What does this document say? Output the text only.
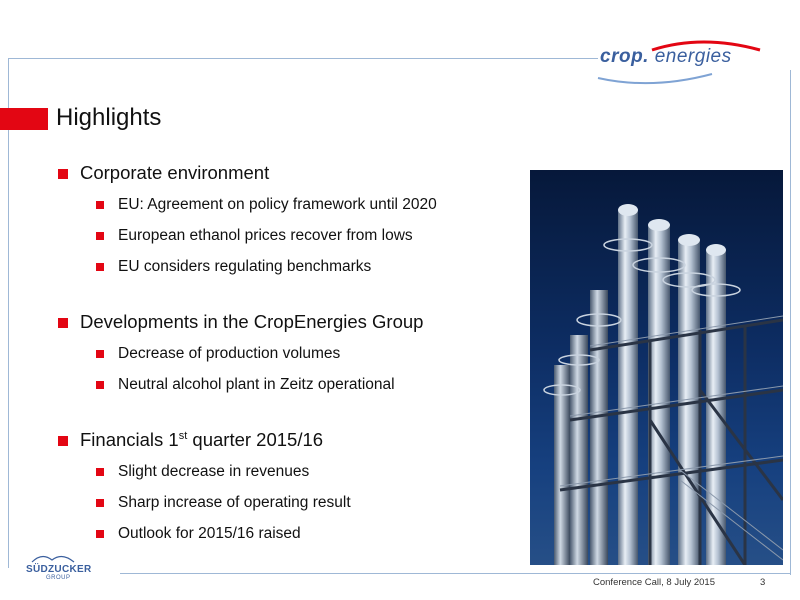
crop. energies
Highlights
Corporate environment
EU: Agreement on policy framework until 2020
European ethanol prices recover from lows
EU considers regulating benchmarks
Developments in the CropEnergies Group
Decrease of production volumes
Neutral alcohol plant in Zeitz operational
Financials 1st quarter 2015/16
Slight decrease in revenues
Sharp increase of operating result
Outlook for 2015/16 raised
SÜDZUCKER
GROUP	Conference Call, 8 July 2015	3
